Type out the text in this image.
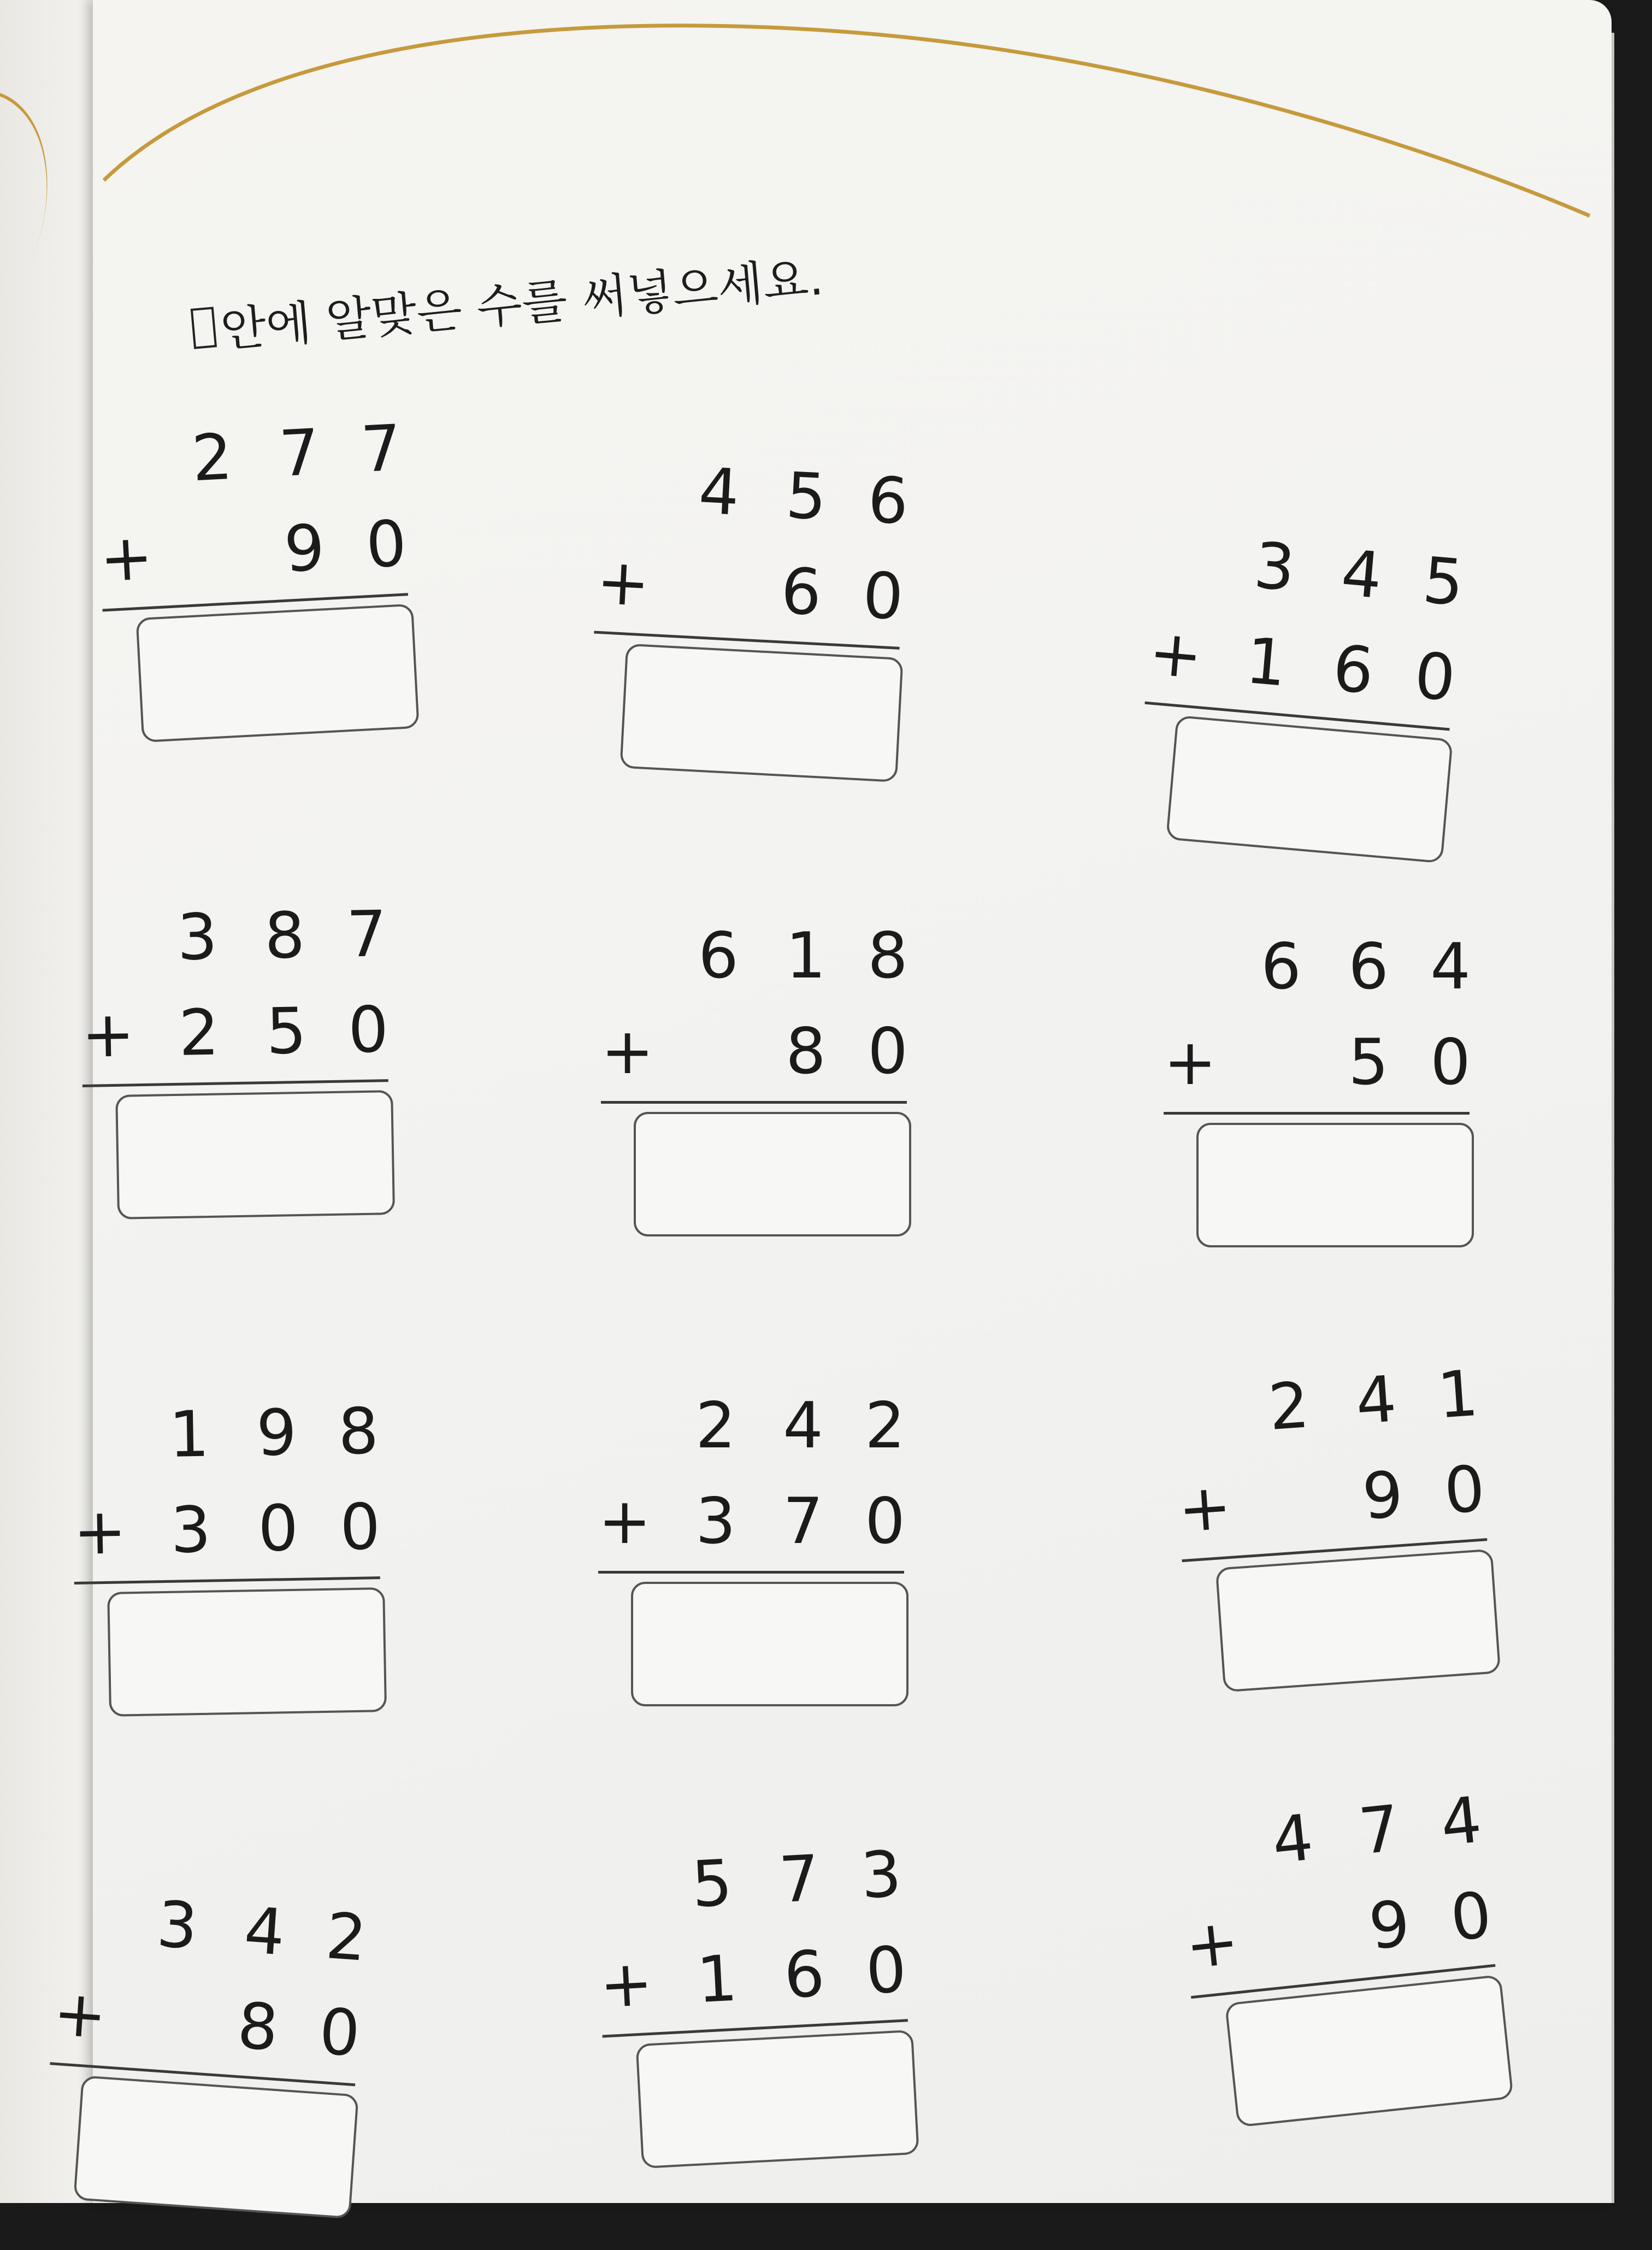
안에 알맞은 수를 써넣으세요.
2 7 7
+ 9 0
4 5 6
+ 6 0	3 4 5
+ 1 6 0
3 8 7
+ 2 5 0
6 1 8
+ 8 0
6 6 4
+ 5 0
1 9 8
+ 3 0 0
2 4 2
+ 3 7 0
2 4 1
+ 9 0
3 4 2
+ 8 0
5 7 3
+ 1 6 0
4 7 4
+ 9 0
